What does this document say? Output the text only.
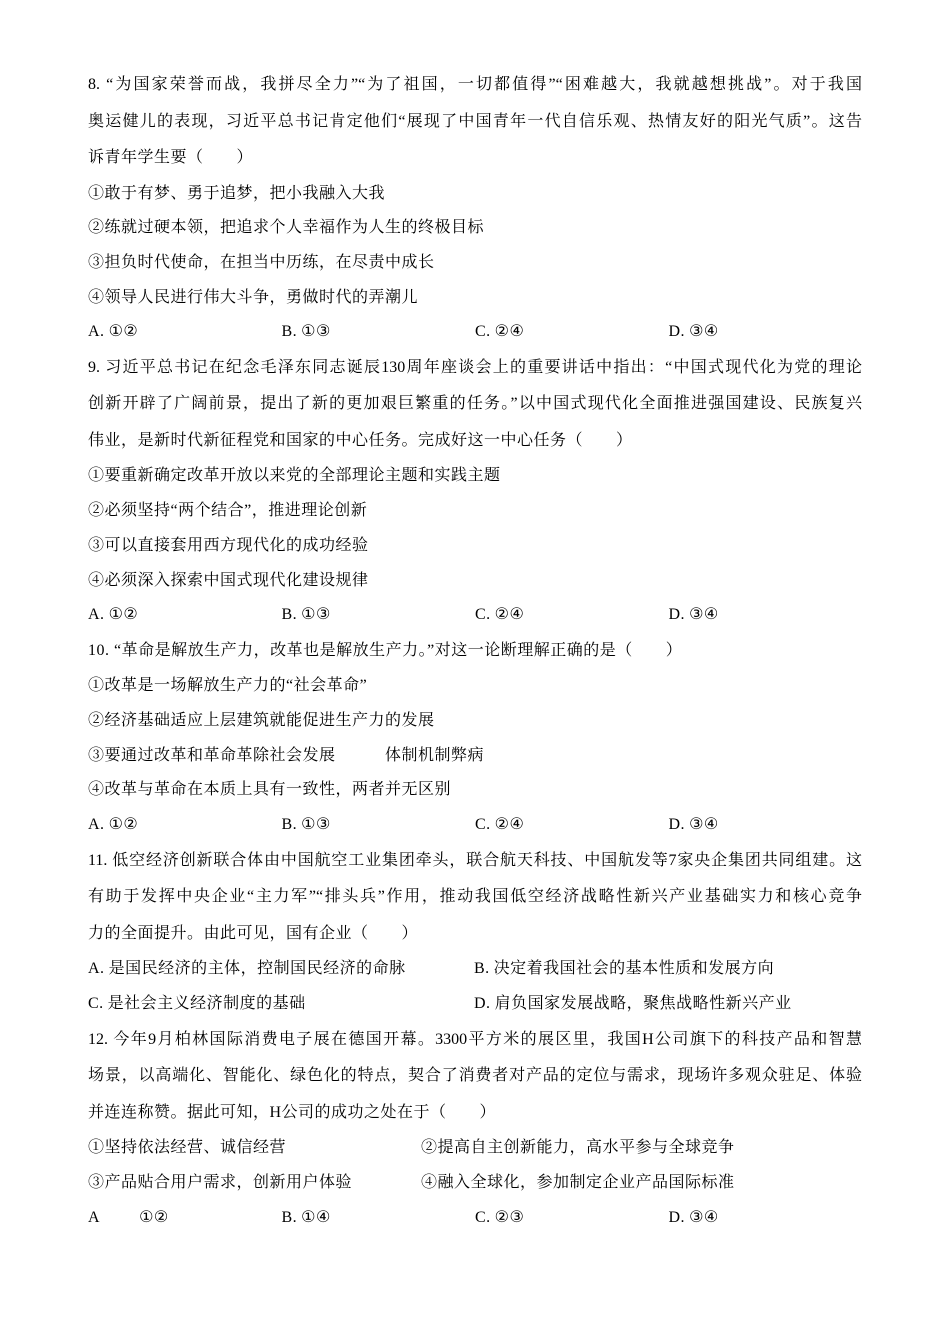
8. “为国家荣誉而战，我拼尽全力”“为了祖国，一切都值得”“困难越大，我就越想挑战”。对于我国
奥运健儿的表现，习近平总书记肯定他们“展现了中国青年一代自信乐观、热情友好的阳光气质”。这告
诉青年学生要（　　）
①敢于有梦、勇于追梦，把小我融入大我
②练就过硬本领，把追求个人幸福作为人生的终极目标
③担负时代使命，在担当中历练，在尽责中成长
④领导人民进行伟大斗争，勇做时代的弄潮儿
A. ①②	B. ①③	C. ②④	D. ③④
9. 习近平总书记在纪念毛泽东同志诞辰130周年座谈会上的重要讲话中指出：“中国式现代化为党的理论
创新开辟了广阔前景，提出了新的更加艰巨繁重的任务。”以中国式现代化全面推进强国建设、民族复兴
伟业，是新时代新征程党和国家的中心任务。完成好这一中心任务（　　）
①要重新确定改革开放以来党的全部理论主题和实践主题
②必须坚持“两个结合”，推进理论创新
③可以直接套用西方现代化的成功经验
④必须深入探索中国式现代化建设规律
A. ①②	B. ①③	C. ②④	D. ③④
10. “革命是解放生产力，改革也是解放生产力。”对这一论断理解正确的是（　　）
①改革是一场解放生产力的“社会革命”
②经济基础适应上层建筑就能促进生产力的发展
③要通过改革和革命革除社会发展　　　体制机制弊病
④改革与革命在本质上具有一致性，两者并无区别
A. ①②	B. ①③	C. ②④	D. ③④
11. 低空经济创新联合体由中国航空工业集团牵头，联合航天科技、中国航发等7家央企集团共同组建。这
有助于发挥中央企业“主力军”“排头兵”作用，推动我国低空经济战略性新兴产业基础实力和核心竞争
力的全面提升。由此可见，国有企业（　　）
A. 是国民经济的主体，控制国民经济的命脉	B. 决定着我国社会的基本性质和发展方向
C. 是社会主义经济制度的基础	D. 肩负国家发展战略，聚焦战略性新兴产业
12. 今年9月柏林国际消费电子展在德国开幕。3300平方米的展区里，我国H公司旗下的科技产品和智慧
场景，以高端化、智能化、绿色化的特点，契合了消费者对产品的定位与需求，现场许多观众驻足、体验
并连连称赞。据此可知，H公司的成功之处在于（　　）
①坚持依法经营、诚信经营	②提高自主创新能力，高水平参与全球竞争
③产品贴合用户需求，创新用户体验	④融入全球化，参加制定企业产品国际标准
A ①②	B. ①④	C. ②③	D. ③④
